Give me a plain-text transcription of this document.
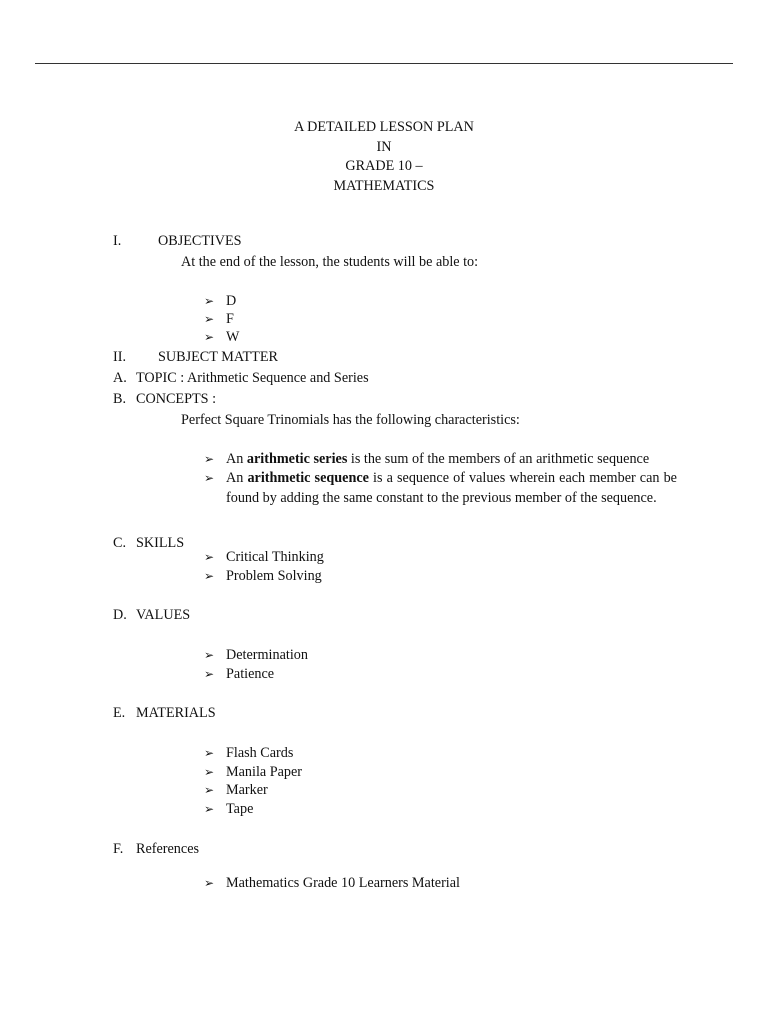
A DETAILED LESSON PLAN
IN
GRADE 10 –
MATHEMATICS
I.	OBJECTIVES
At the end of the lesson, the students will be able to:
➢ D
➢ F
➢ W
II. SUBJECT MATTER
A. TOPIC : Arithmetic Sequence and Series
B. CONCEPTS :
Perfect Square Trinomials has the following characteristics:
➢ An arithmetic series is the sum of the members of an arithmetic sequence
➢ An arithmetic sequence is a sequence of values wherein each member can be found by adding the same constant to the previous member of the sequence.
C. SKILLS
➢ Critical Thinking
➢ Problem Solving
D. VALUES
➢ Determination
➢ Patience
E. MATERIALS
➢ Flash Cards
➢ Manila Paper
➢ Marker
➢ Tape
F. References
➢ Mathematics Grade 10 Learners Material
